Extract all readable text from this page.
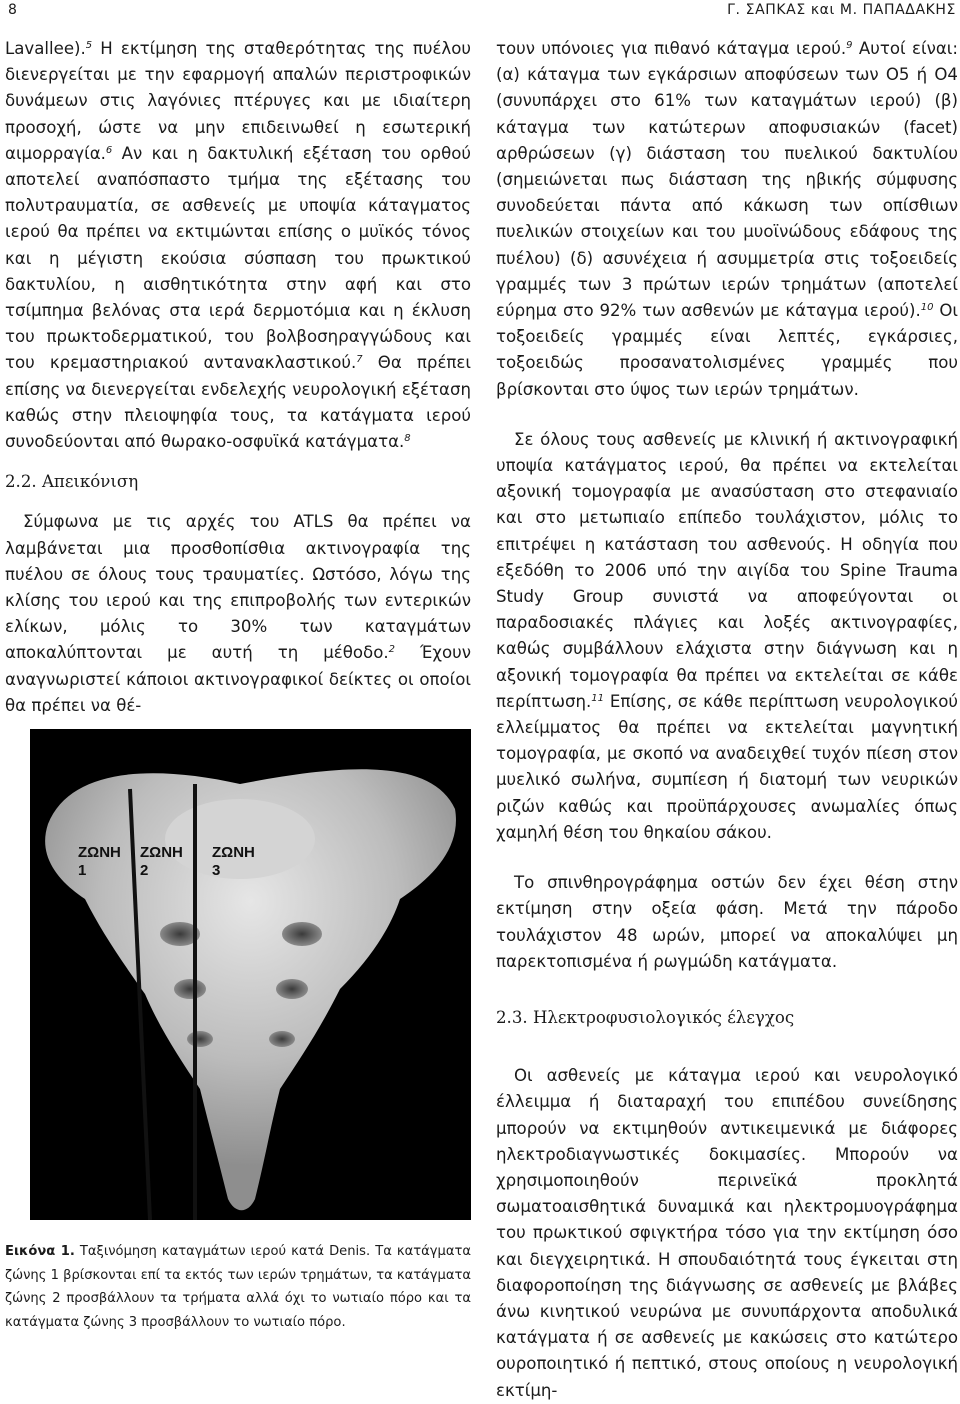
8	Γ. ΣΑΠΚΑΣ και Μ. ΠΑΠΑΔΑΚΗΣ

Lavallee).$^5$ Η εκτίμηση της σταθερότητας της πυέλου διενεργείται με την εφαρμογή απαλών περιστροφικών δυνάμεων στις λαγόνιες πτέρυγες και με ιδιαίτερη προσοχή, ώστε να μην επιδεινωθεί η εσωτερική αιμορραγία.$^6$ Αν και η δακτυλική εξέταση του ορθού αποτελεί αναπόσπαστο τμήμα της εξέτασης του πολυτραυματία, σε ασθενείς με υποψία κάταγματος ιερού θα πρέπει να εκτιμώνται επίσης ο μυϊκός τόνος και η μέγιστη εκούσια σύσπαση του πρωκτικού δακτυλίου, η αισθητικότητα στην αφή και στο τσίμπημα βελόνας στα ιερά δερμοτόμια και η έκλυση του πρωκτοδερματικού, του βολβοσηραγγώδους και του κρεμαστηριακού αντανακλαστικού.$^7$ Θα πρέπει επίσης να διενεργείται ενδελεχής νευρολογική εξέταση καθώς στην πλειοψηφία τους, τα κατάγματα ιερού συνοδεύονται από θωρακο-οσφυϊκά κατάγματα.$^8$

2.2. Απεικόνιση

Σύμφωνα με τις αρχές του ATLS θα πρέπει να λαμβάνεται μια προσθοπίσθια ακτινογραφία της πυέλου σε όλους τους τραυματίες. Ωστόσο, λόγω της κλίσης του ιερού και της επιπροβολής των εντερικών ελίκων, μόλις το 30% των καταγμάτων αποκαλύπτονται με αυτή τη μέθοδο.$^2$ Έχουν αναγνωριστεί κάποιοι ακτινογραφικοί δείκτες οι οποίοι θα πρέπει να θέ-

ΖΩΝΗ
1
ΖΩΝΗ
2
ΖΩΝΗ
3
Εικόνα 1. Ταξινόμηση καταγμάτων ιερού κατά Denis. Τα κατάγματα ζώνης 1 βρίσκονται επί τα εκτός των ιερών τρημάτων, τα κατάγματα ζώνης 2 προσβάλλουν τα τρήματα αλλά όχι το νωτιαίο πόρο και τα κατάγματα ζώνης 3 προσβάλλουν το νωτιαίο πόρο.

τουν υπόνοιες για πιθανό κάταγμα ιερού.$^9$ Αυτοί είναι: (α) κάταγμα των εγκάρσιων αποφύσεων των Ο5 ή Ο4 (συνυπάρχει στο 61% των καταγμάτων ιερού) (β) κάταγμα των κατώτερων αποφυσιακών (facet) αρθρώσεων (γ) διάσταση του πυελικού δακτυλίου (σημειώνεται πως διάσταση της ηβικής σύμφυσης συνοδεύεται πάντα από κάκωση των οπίσθιων πυελικών στοιχείων και του μυοϊνώδους εδάφους της πυέλου) (δ) ασυνέχεια ή ασυμμετρία στις τοξοειδείς γραμμές των 3 πρώτων ιερών τρημάτων (αποτελεί εύρημα στο 92% των ασθενών με κάταγμα ιερού).$^{10}$ Οι τοξοειδείς γραμμές είναι λεπτές, εγκάρσιες, τοξοειδώς προσανατολισμένες γραμμές που βρίσκονται στο ύψος των ιερών τρημάτων.

Σε όλους τους ασθενείς με κλινική ή ακτινογραφική υποψία κατάγματος ιερού, θα πρέπει να εκτελείται αξονική τομογραφία με ανασύσταση στο στεφανιαίο και στο μετωπιαίο επίπεδο τουλάχιστον, μόλις το επιτρέψει η κατάσταση του ασθενούς. Η οδηγία που εξεδόθη το 2006 υπό την αιγίδα του Spine Trauma Study Group συνιστά να αποφεύγονται οι παραδοσιακές πλάγιες και λοξές ακτινογραφίες, καθώς συμβάλλουν ελάχιστα στην διάγνωση και η αξονική τομογραφία θα πρέπει να εκτελείται σε κάθε περίπτωση.$^{11}$ Επίσης, σε κάθε περίπτωση νευρολογικού ελλείμματος θα πρέπει να εκτελείται μαγνητική τομογραφία, με σκοπό να αναδειχθεί τυχόν πίεση στον μυελικό σωλήνα, συμπίεση ή διατομή των νευρικών ριζών καθώς και προϋπάρχουσες ανωμαλίες όπως χαμηλή θέση του θηκαίου σάκου.

Το σπινθηρογράφημα οστών δεν έχει θέση στην εκτίμηση στην οξεία φάση. Μετά την πάροδο τουλάχιστον 48 ωρών, μπορεί να αποκαλύψει μη παρεκτοπισμένα ή ρωγμώδη κατάγματα.

2.3. Ηλεκτροφυσιολογικός έλεγχος

Οι ασθενείς με κάταγμα ιερού και νευρολογικό έλλειμμα ή διαταραχή του επιπέδου συνείδησης μπορούν να εκτιμηθούν αντικειμενικά με διάφορες ηλεκτροδιαγνωστικές δοκιμασίες. Μπορούν να χρησιμοποιηθούν περινεϊκά προκλητά σωματοαισθητικά δυναμικά και ηλεκτρομυογράφημα του πρωκτικού σφιγκτήρα τόσο για την εκτίμηση όσο και διεγχειρητικά. Η σπουδαιότητά τους έγκειται στη διαφοροποίηση της διάγνωσης σε ασθενείς με βλάβες άνω κινητικού νευρώνα με συνυπάρχοντα αποδυλικά κατάγματα ή σε ασθενείς με κακώσεις στο κατώτερο ουροποιητικό ή πεπτικό, στους οποίους η νευρολογική εκτίμη-
